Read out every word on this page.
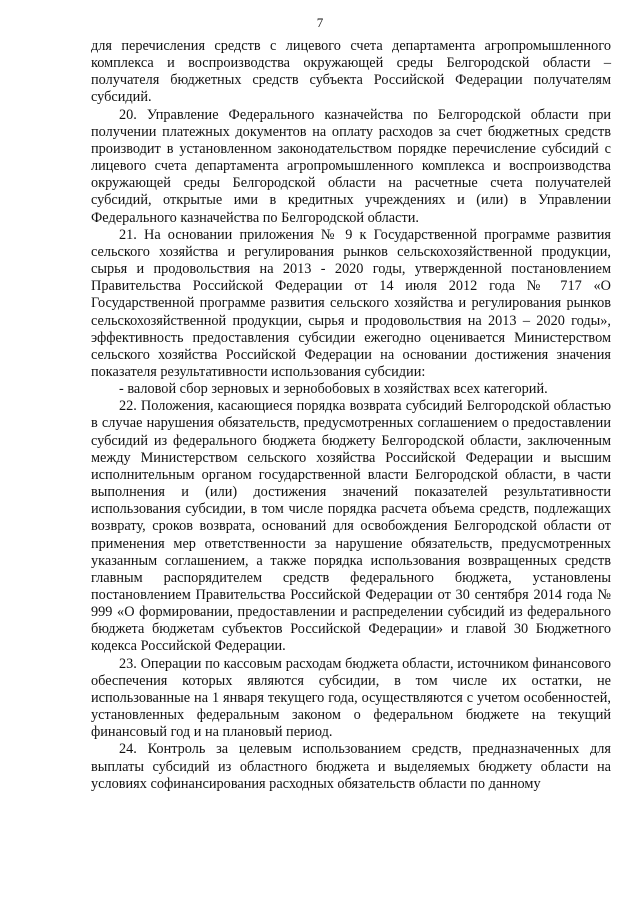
7

для перечисления средств с лицевого счета департамента агропромышленного комплекса и воспроизводства окружающей среды Белгородской области – получателя бюджетных средств субъекта Российской Федерации получателям субсидий.

20. Управление Федерального казначейства по Белгородской области при получении платежных документов на оплату расходов за счет бюджетных средств производит в установленном законодательством порядке перечисление субсидий с лицевого счета департамента агропромышленного комплекса и воспроизводства окружающей среды Белгородской области на расчетные счета получателей субсидий, открытые ими в кредитных учреждениях и (или) в Управлении Федерального казначейства по Белгородской области.

21. На основании приложения № 9 к Государственной программе развития сельского хозяйства и регулирования рынков сельскохозяйственной продукции, сырья и продовольствия на 2013 - 2020 годы, утвержденной постановлением Правительства Российской Федерации от 14 июля 2012 года № 717 «О Государственной программе развития сельского хозяйства и регулирования рынков сельскохозяйственной продукции, сырья и продовольствия на 2013 – 2020 годы», эффективность предоставления субсидии ежегодно оценивается Министерством сельского хозяйства Российской Федерации на основании достижения значения показателя результативности использования субсидии:

- валовой сбор зерновых и зернобобовых в хозяйствах всех категорий.

22. Положения, касающиеся порядка возврата субсидий Белгородской областью в случае нарушения обязательств, предусмотренных соглашением о предоставлении субсидий из федерального бюджета бюджету Белгородской области, заключенным между Министерством сельского хозяйства Российской Федерации и высшим исполнительным органом государственной власти Белгородской области, в части выполнения и (или) достижения значений показателей результативности использования субсидии, в том числе порядка расчета объема средств, подлежащих возврату, сроков возврата, оснований для освобождения Белгородской области от применения мер ответственности за нарушение обязательств, предусмотренных указанным соглашением, а также порядка использования возвращенных средств главным распорядителем средств федерального бюджета, установлены постановлением Правительства Российской Федерации от 30 сентября 2014 года № 999 «О формировании, предоставлении и распределении субсидий из федерального бюджета бюджетам субъектов Российской Федерации» и главой 30 Бюджетного кодекса Российской Федерации.

23. Операции по кассовым расходам бюджета области, источником финансового обеспечения которых являются субсидии, в том числе их остатки, не использованные на 1 января текущего года, осуществляются с учетом особенностей, установленных федеральным законом о федеральном бюджете на текущий финансовый год и на плановый период.

24. Контроль за целевым использованием средств, предназначенных для выплаты субсидий из областного бюджета и выделяемых бюджету области на условиях софинансирования расходных обязательств области по данному
